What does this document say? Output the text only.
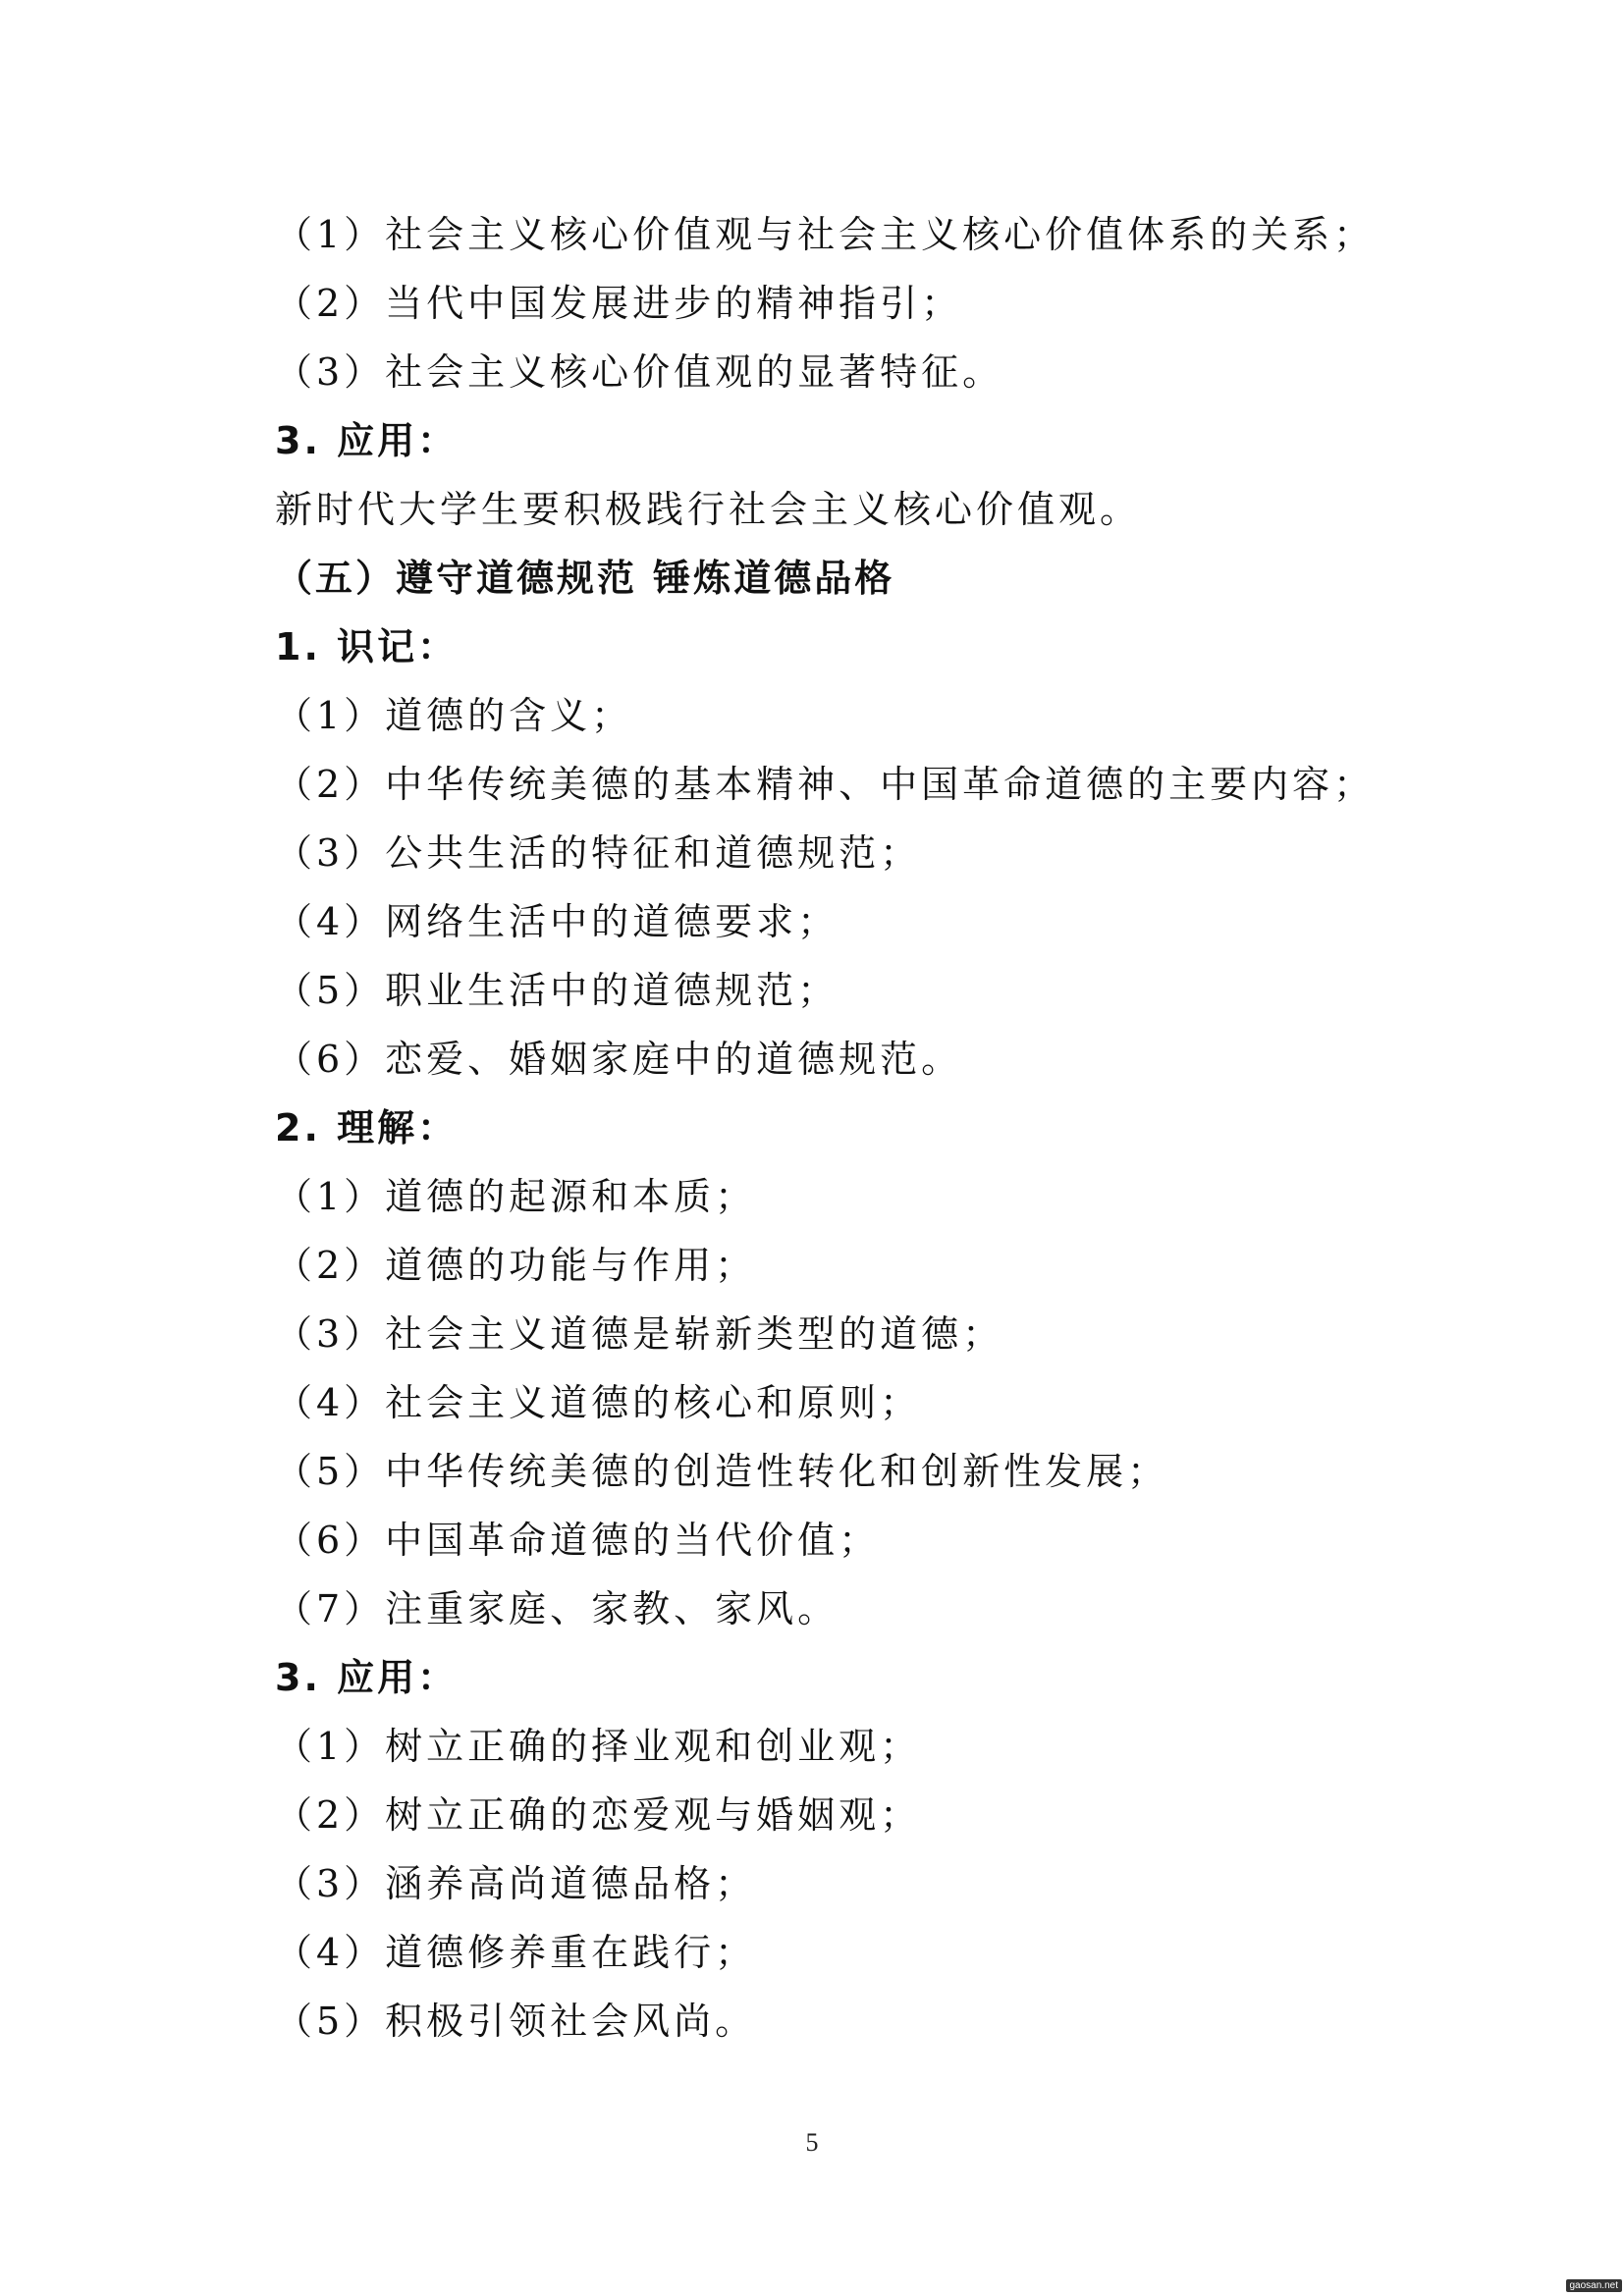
（1）社会主义核心价值观与社会主义核心价值体系的关系；
（2）当代中国发展进步的精神指引；
（3）社会主义核心价值观的显著特征。
3. 应用：
新时代大学生要积极践行社会主义核心价值观。
（五）遵守道德规范 锤炼道德品格
1. 识记：
（1）道德的含义；
（2）中华传统美德的基本精神、中国革命道德的主要内容；
（3）公共生活的特征和道德规范；
（4）网络生活中的道德要求；
（5）职业生活中的道德规范；
（6）恋爱、婚姻家庭中的道德规范。
2. 理解：
（1）道德的起源和本质；
（2）道德的功能与作用；
（3）社会主义道德是崭新类型的道德；
（4）社会主义道德的核心和原则；
（5）中华传统美德的创造性转化和创新性发展；
（6）中国革命道德的当代价值；
（7）注重家庭、家教、家风。
3. 应用：
（1）树立正确的择业观和创业观；
（2）树立正确的恋爱观与婚姻观；
（3）涵养高尚道德品格；
（4）道德修养重在践行；
（5）积极引领社会风尚。
5
gaosan.net
